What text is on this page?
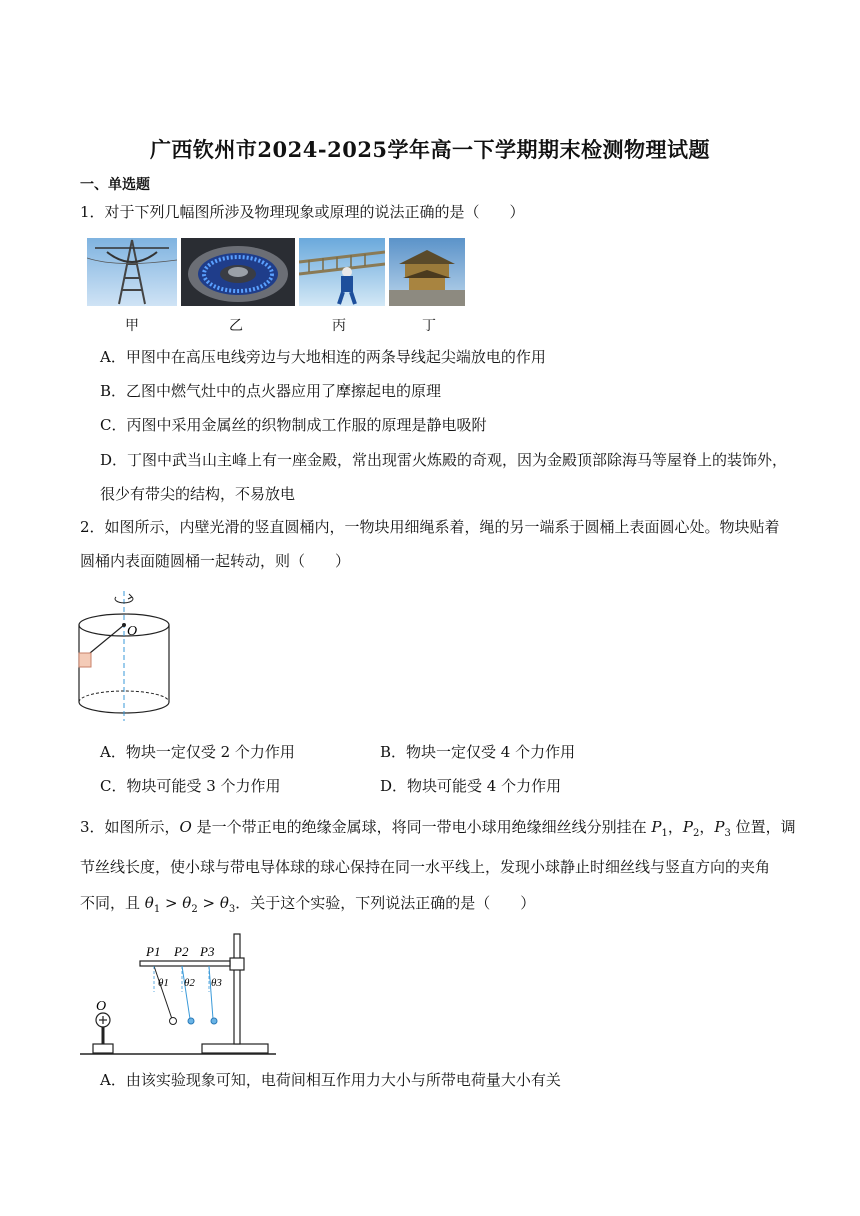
广西钦州市2024-2025学年高一下学期期末检测物理试题
一、单选题
1．对于下列几幅图所涉及物理现象或原理的说法正确的是（　　）
甲	乙	丙	丁
A．甲图中在高压电线旁边与大地相连的两条导线起尖端放电的作用
B．乙图中燃气灶中的点火器应用了摩擦起电的原理
C．丙图中采用金属丝的织物制成工作服的原理是静电吸附
D．丁图中武当山主峰上有一座金殿，常出现雷火炼殿的奇观，因为金殿顶部除海马等屋脊上的装饰外，
很少有带尖的结构，不易放电
2．如图所示，内壁光滑的竖直圆桶内，一物块用细绳系着，绳的另一端系于圆桶上表面圆心处。物块贴着
圆桶内表面随圆桶一起转动，则（　　）
O
A．物块一定仅受 2 个力作用	B．物块一定仅受 4 个力作用
C．物块可能受 3 个力作用	D．物块可能受 4 个力作用
3．如图所示，O 是一个带正电的绝缘金属球，将同一带电小球用绝缘细丝线分别挂在 $P_1$，$P_2$，$P_3$ 位置，调
节丝线长度，使小球与带电导体球的球心保持在同一水平线上，发现小球静止时细丝线与竖直方向的夹角
不同，且 $\theta_1 > \theta_2 > \theta_3$．关于这个实验，下列说法正确的是（　　）
O
P1 P2 P3
θ1 θ2 θ3
A．由该实验现象可知，电荷间相互作用力大小与所带电荷量大小有关
